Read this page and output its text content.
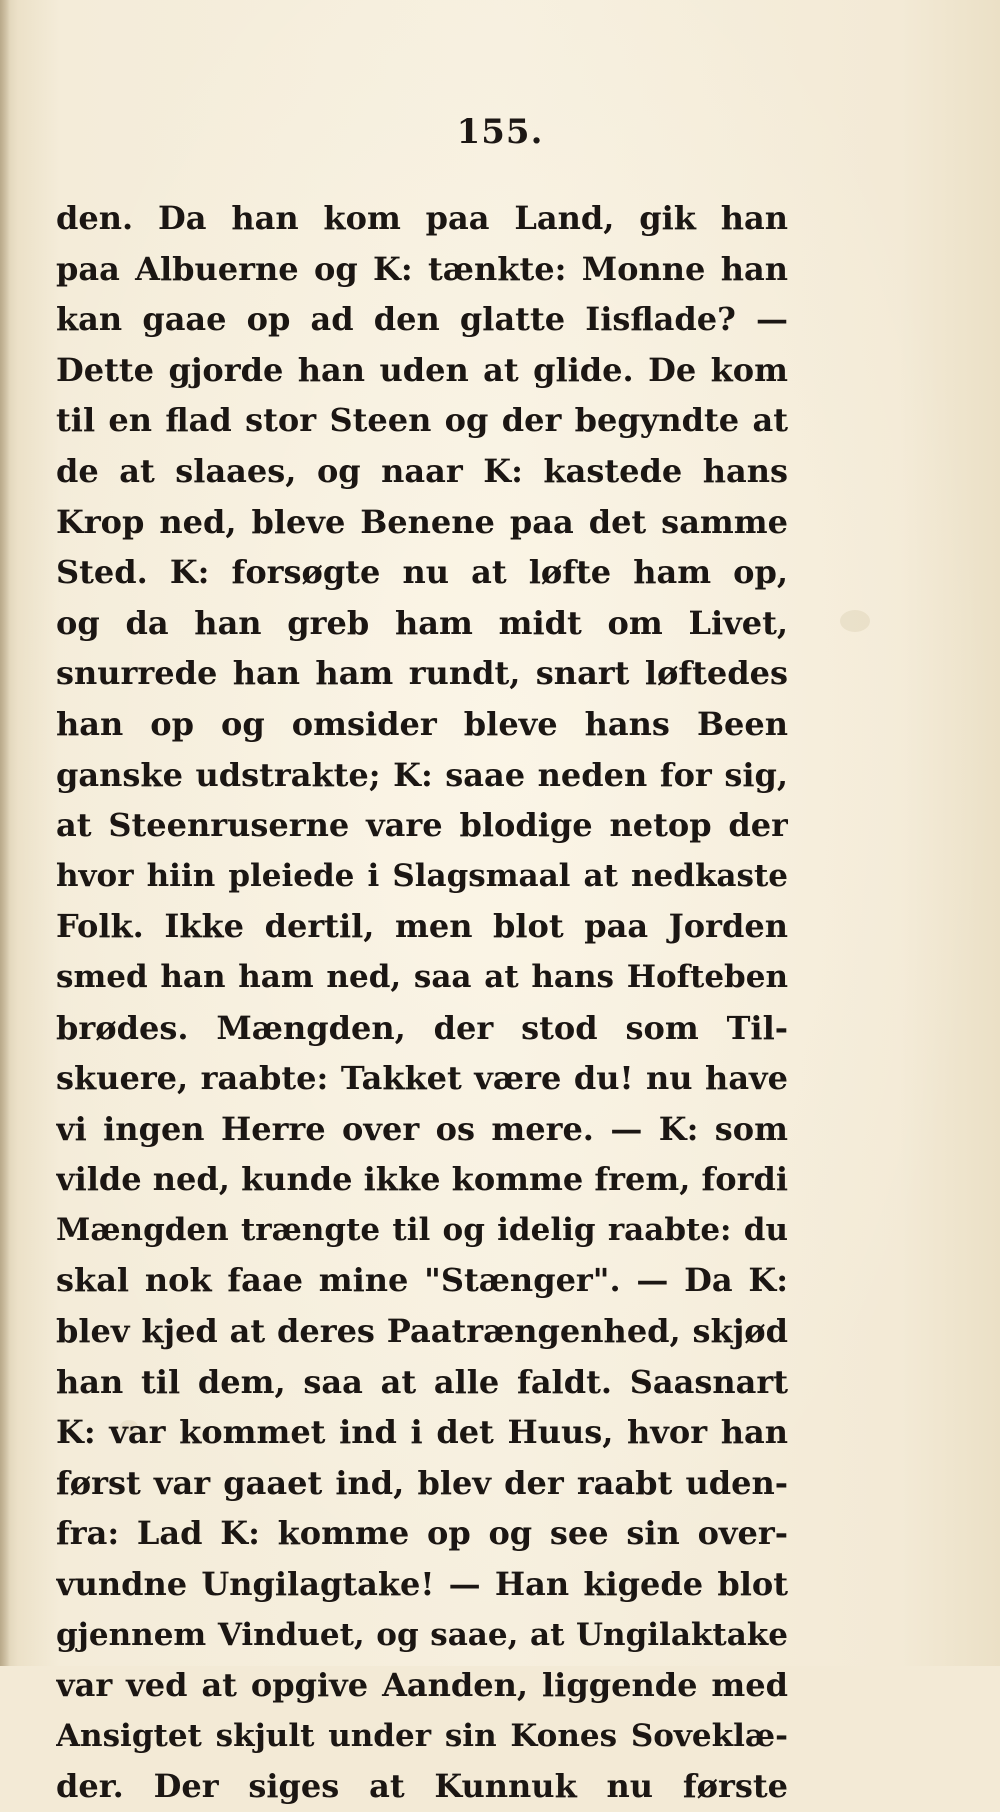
155.
den. Da han kom paa Land, gik han
paa Albuerne og K: tænkte: Monne han
kan gaae op ad den glatte Iisflade? —
Dette gjorde han uden at glide. De kom
til en flad stor Steen og der begyndte at
de at slaaes, og naar K: kastede hans
Krop ned, bleve Benene paa det samme
Sted. K: forsøgte nu at løfte ham op,
og da han greb ham midt om Livet,
snurrede han ham rundt, snart løftedes
han op og omsider bleve hans Been
ganske udstrakte; K: saae neden for sig,
at Steenruserne vare blodige netop der
hvor hiin pleiede i Slagsmaal at nedkaste
Folk. Ikke dertil, men blot paa Jorden
smed han ham ned, saa at hans Hofteben
brødes. Mængden, der stod som Til-
skuere, raabte: Takket være du! nu have
vi ingen Herre over os mere. — K: som
vilde ned, kunde ikke komme frem, fordi
Mængden trængte til og idelig raabte: du
skal nok faae mine "Stænger". — Da K:
blev kjed at deres Paatrængenhed, skjød
han til dem, saa at alle faldt. Saasnart
K: var kommet ind i det Huus, hvor han
først var gaaet ind, blev der raabt uden-
fra: Lad K: komme op og see sin over-
vundne Ungilagtake! — Han kigede blot
gjennem Vinduet, og saae, at Ungilaktake
var ved at opgive Aanden, liggende med
Ansigtet skjult under sin Kones Soveklæ-
der. Der siges at Kunnuk nu første
